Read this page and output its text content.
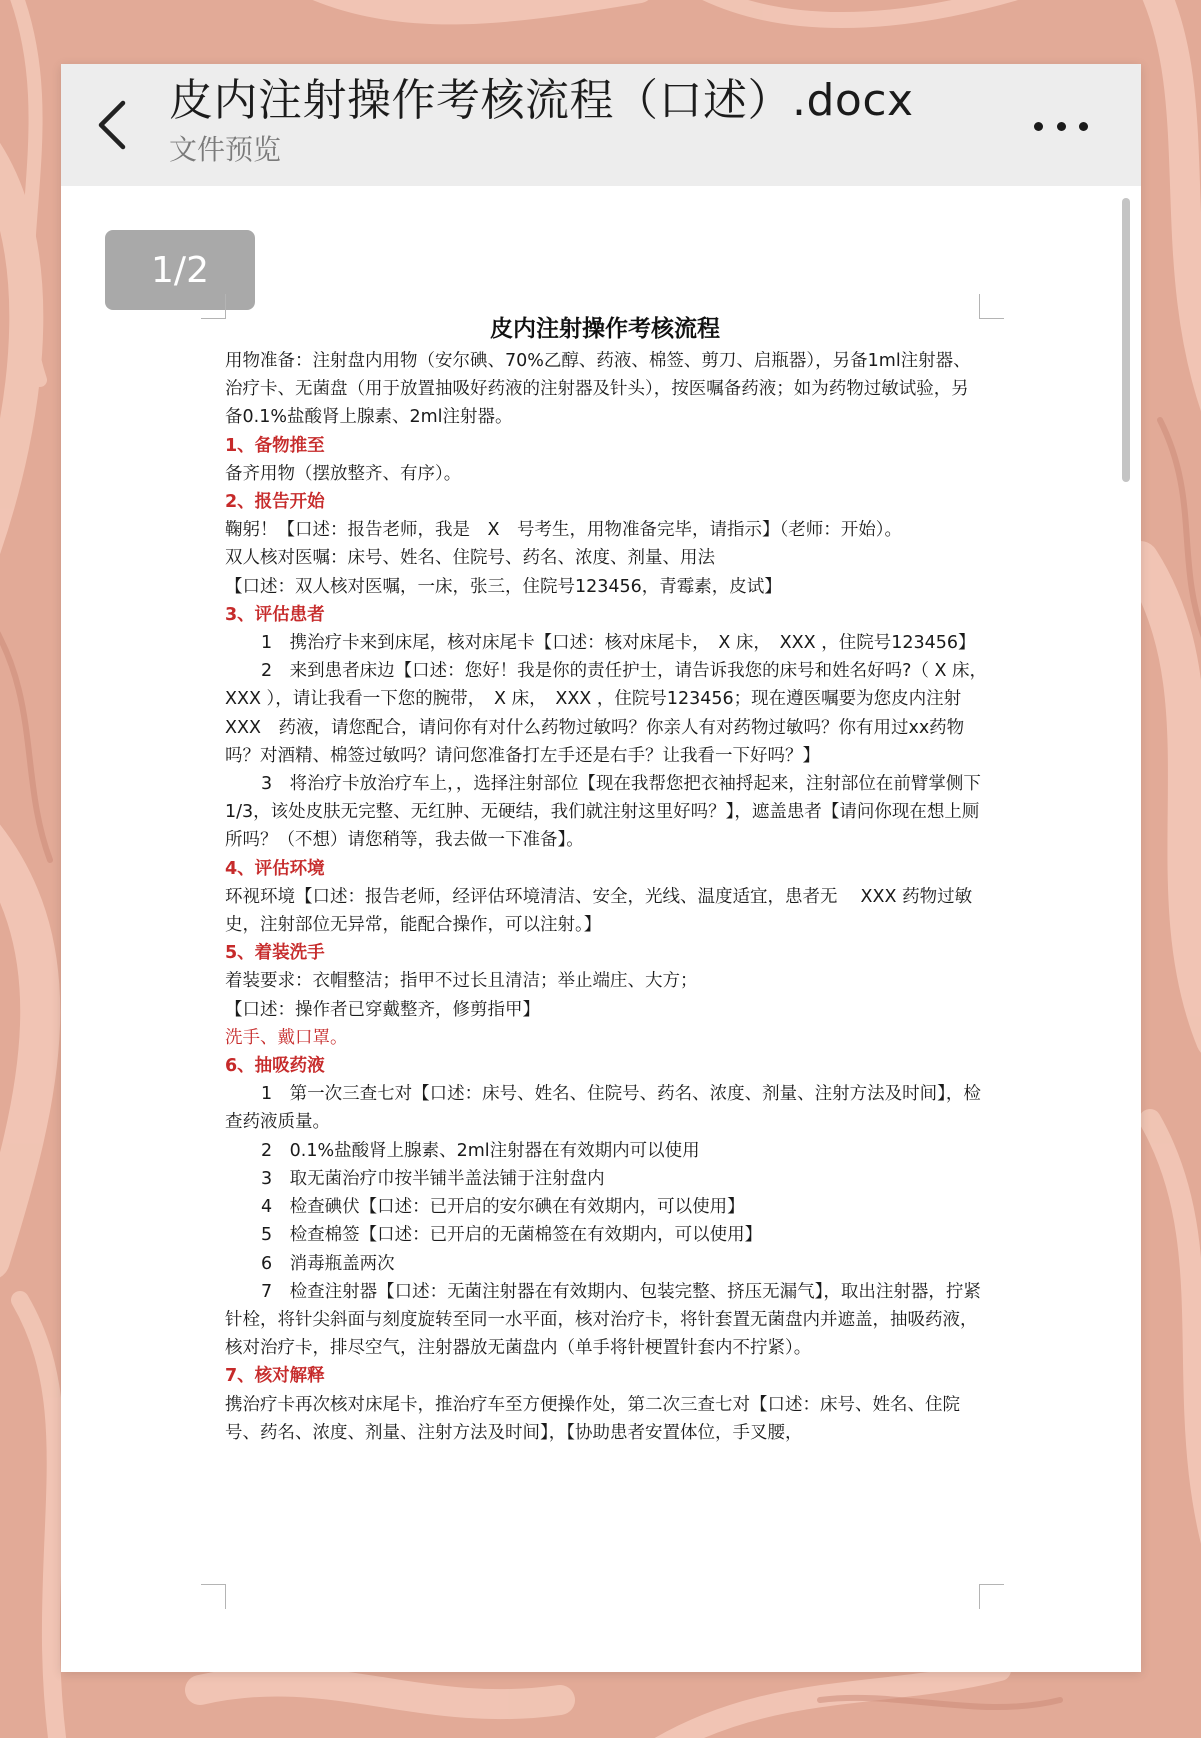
皮内注射操作考核流程（口述）.docx
文件预览
1/2
皮内注射操作考核流程

用物准备：注射盘内用物（安尔碘、70%乙醇、药液、棉签、剪刀、启瓶器），另备1ml注射器、治疗卡、无菌盘（用于放置抽吸好药液的注射器及针头），按医嘱备药液；如为药物过敏试验，另备0.1%盐酸肾上腺素、2ml注射器。

1、备物推至

备齐用物（摆放整齐、有序）。

2、报告开始

鞠躬！【口述：报告老师，我是　X　号考生，用物准备完毕，请指示】（老师：开始）。

双人核对医嘱：床号、姓名、住院号、药名、浓度、剂量、用法

【口述：双人核对医嘱，一床，张三，住院号123456，青霉素，皮试】

3、评估患者

1　携治疗卡来到床尾，核对床尾卡【口述：核对床尾卡，　X 床，　XXX ，住院号123456】

2　来到患者床边【口述：您好！我是你的责任护士，请告诉我您的床号和姓名好吗?（ X 床，　XXX ），请让我看一下您的腕带，　X 床，　XXX ，住院号123456；现在遵医嘱要为您皮内注射　XXX　药液，请您配合，请问你有对什么药物过敏吗？你亲人有对药物过敏吗？你有用过xx药物吗？对酒精、棉签过敏吗？请问您准备打左手还是右手？让我看一下好吗？】

3　将治疗卡放治疗车上，，选择注射部位【现在我帮您把衣袖捋起来，注射部位在前臂掌侧下1/3，该处皮肤无完整、无红肿、无硬结，我们就注射这里好吗？】，遮盖患者【请问你现在想上厕所吗？（不想）请您稍等，我去做一下准备】。

4、评估环境

环视环境【口述：报告老师，经评估环境清洁、安全，光线、温度适宜，患者无　 XXX 药物过敏史，注射部位无异常，能配合操作，可以注射。】

5、着装洗手

着装要求：衣帽整洁；指甲不过长且清洁；举止端庄、大方；

【口述：操作者已穿戴整齐，修剪指甲】

洗手、戴口罩。

6、抽吸药液

1　第一次三查七对【口述：床号、姓名、住院号、药名、浓度、剂量、注射方法及时间】，检查药液质量。

2　0.1%盐酸肾上腺素、2ml注射器在有效期内可以使用

3　取无菌治疗巾按半铺半盖法铺于注射盘内

4　检查碘伏【口述：已开启的安尔碘在有效期内，可以使用】

5　检查棉签【口述：已开启的无菌棉签在有效期内，可以使用】

6　消毒瓶盖两次

7　检查注射器【口述：无菌注射器在有效期内、包装完整、挤压无漏气】，取出注射器，拧紧针栓，将针尖斜面与刻度旋转至同一水平面，核对治疗卡，将针套置无菌盘内并遮盖，抽吸药液，核对治疗卡，排尽空气，注射器放无菌盘内（单手将针梗置针套内不拧紧）。

7、核对解释

携治疗卡再次核对床尾卡，推治疗车至方便操作处，第二次三查七对【口述：床号、姓名、住院号、药名、浓度、剂量、注射方法及时间】，【协助患者安置体位，手叉腰，
